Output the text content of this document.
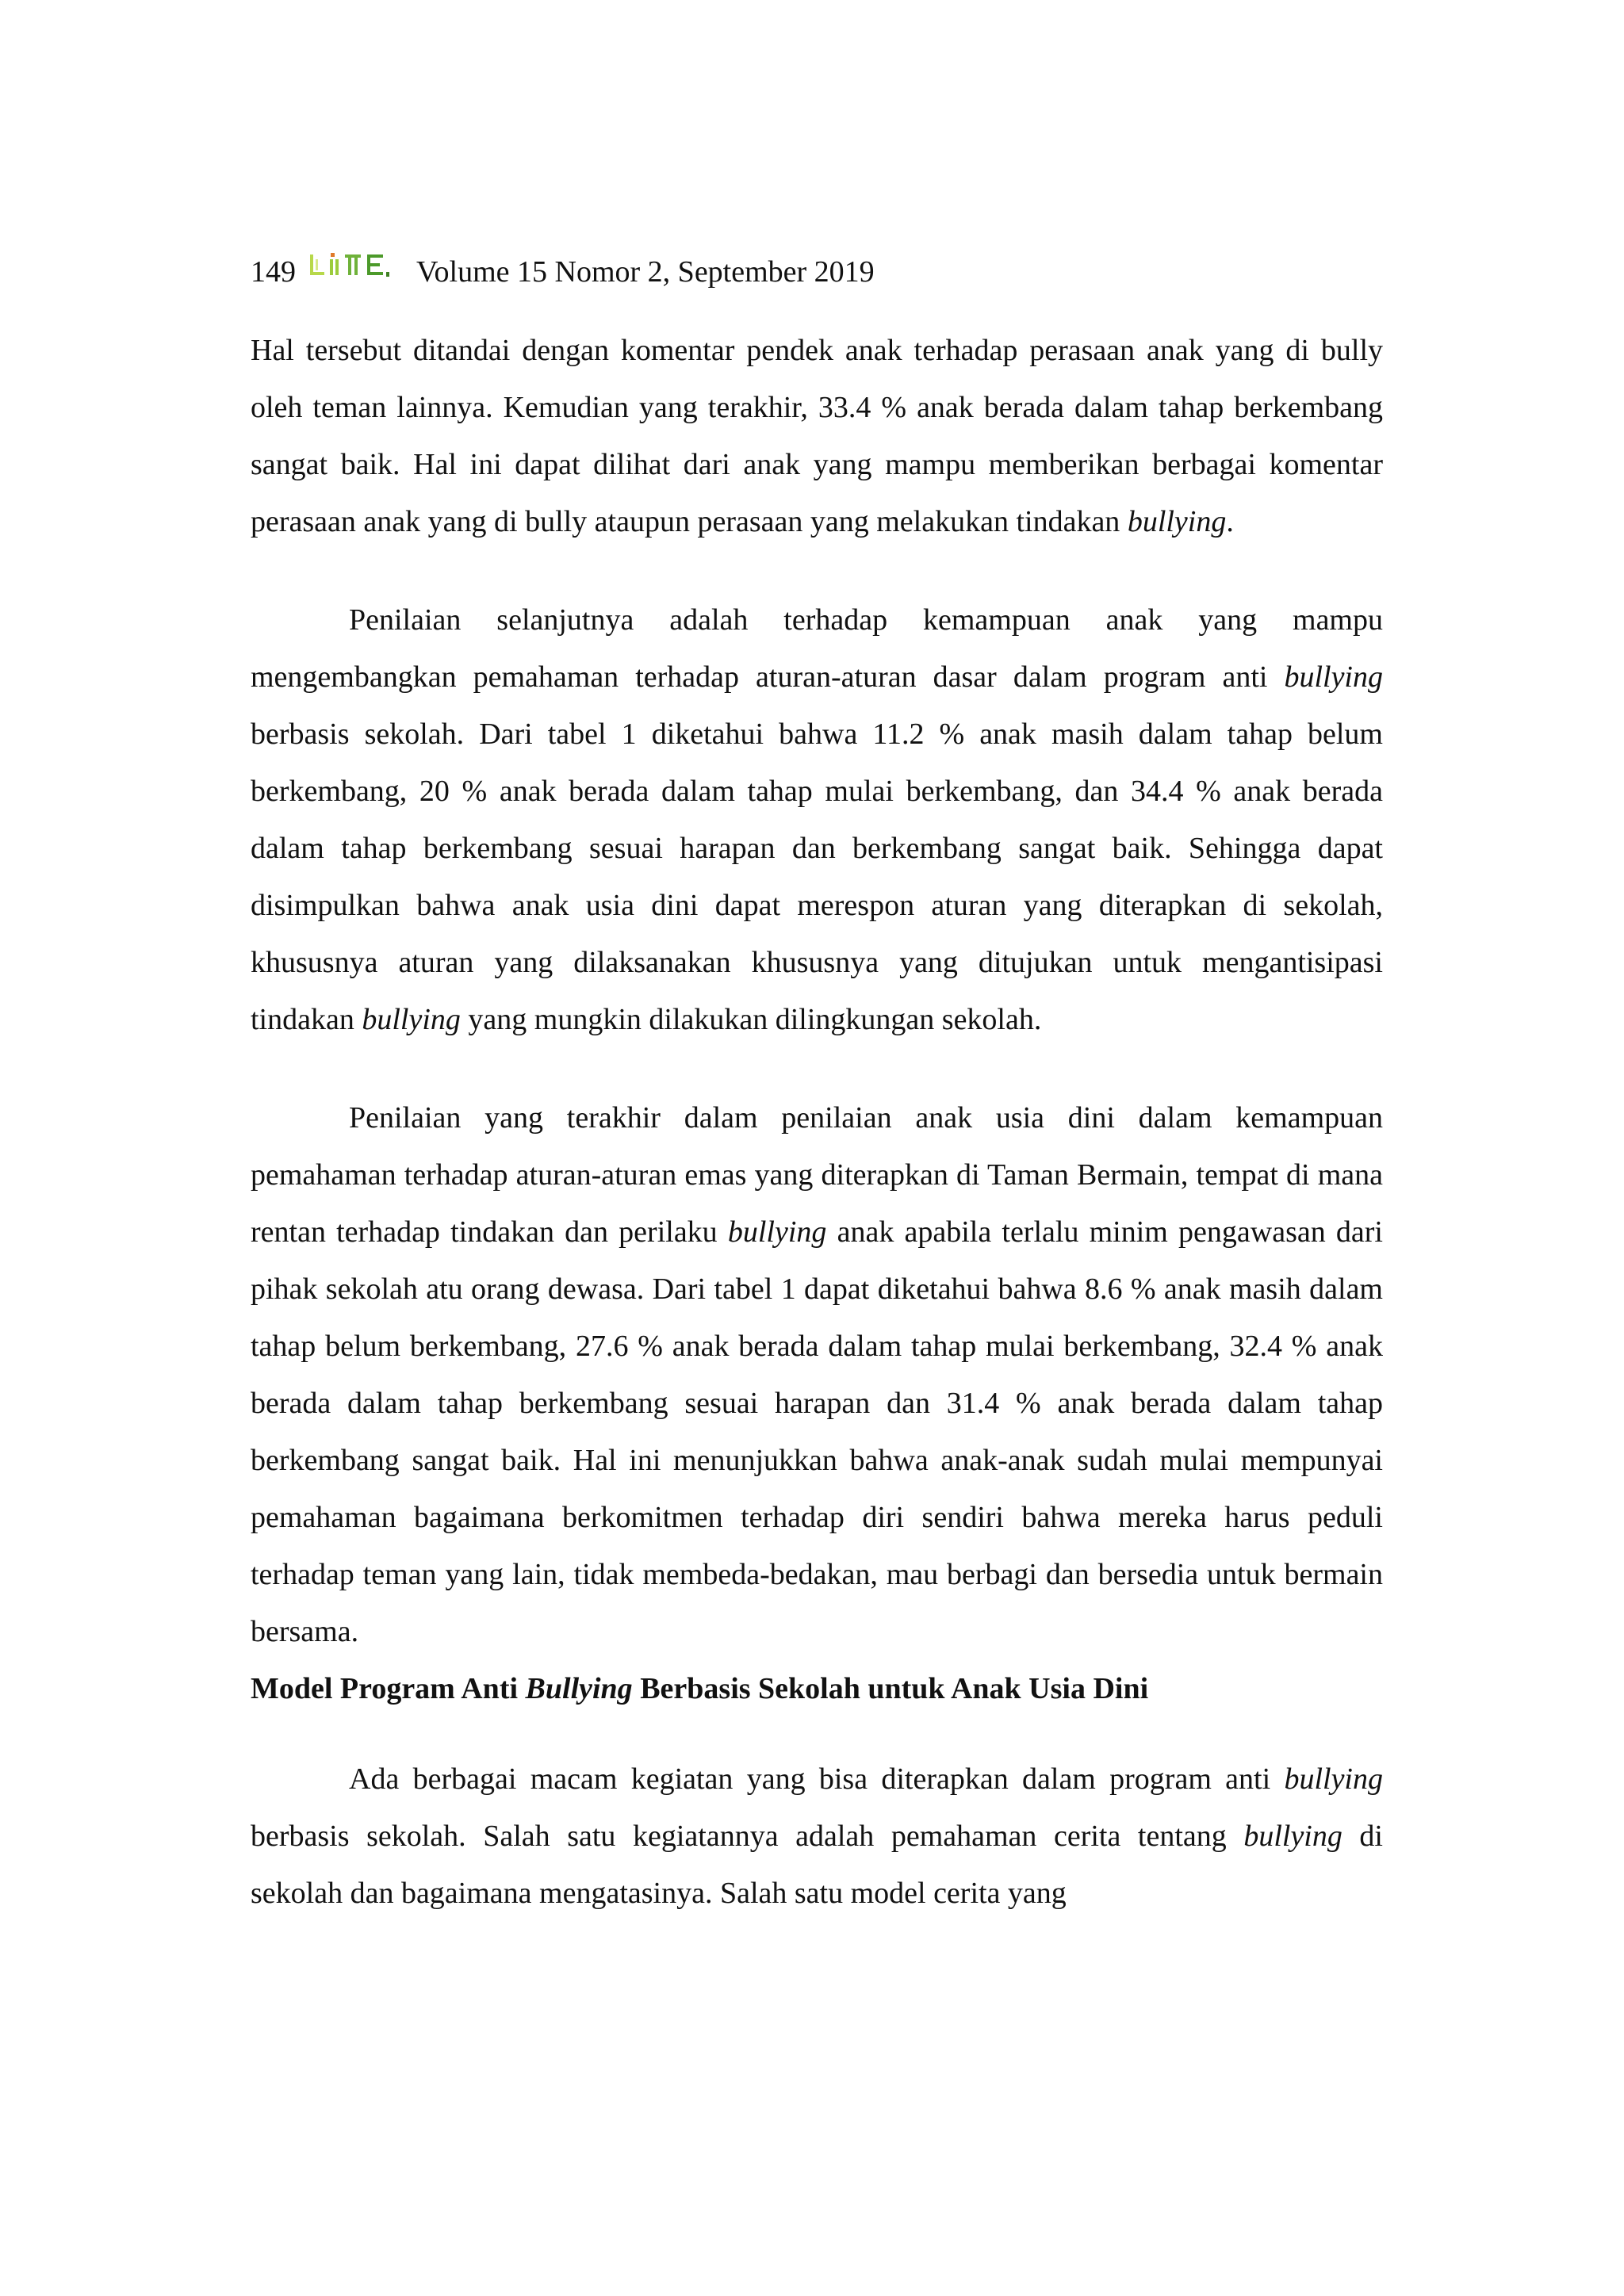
149	Volume 15 Nomor 2, September 2019

Hal tersebut ditandai dengan komentar pendek anak terhadap perasaan anak yang di bully oleh teman lainnya. Kemudian yang terakhir, 33.4 % anak berada dalam tahap berkembang sangat baik. Hal ini dapat dilihat dari anak yang mampu memberikan berbagai komentar perasaan anak yang di bully ataupun perasaan yang melakukan tindakan bullying.

Penilaian selanjutnya adalah terhadap kemampuan anak yang mampu mengembangkan pemahaman terhadap aturan-aturan dasar dalam program anti bullying berbasis sekolah. Dari tabel 1 diketahui bahwa 11.2 % anak masih dalam tahap belum berkembang, 20 % anak berada dalam tahap mulai berkembang, dan 34.4 % anak berada dalam tahap berkembang sesuai harapan dan berkembang sangat baik. Sehingga dapat disimpulkan bahwa anak usia dini dapat merespon aturan yang diterapkan di sekolah, khususnya aturan yang dilaksanakan khususnya yang ditujukan untuk mengantisipasi tindakan bullying yang mungkin dilakukan dilingkungan sekolah.

Penilaian yang terakhir dalam penilaian anak usia dini dalam kemampuan pemahaman terhadap aturan-aturan emas yang diterapkan di Taman Bermain, tempat di mana rentan terhadap tindakan dan perilaku bullying anak apabila terlalu minim pengawasan dari pihak sekolah atu orang dewasa. Dari tabel 1 dapat diketahui bahwa 8.6 % anak masih dalam tahap belum berkembang, 27.6 % anak berada dalam tahap mulai berkembang, 32.4 % anak berada dalam tahap berkembang sesuai harapan dan 31.4 % anak berada dalam tahap berkembang sangat baik. Hal ini menunjukkan bahwa anak-anak sudah mulai mempunyai pemahaman bagaimana berkomitmen terhadap diri sendiri bahwa mereka harus peduli terhadap teman yang lain, tidak membeda-bedakan, mau berbagi dan bersedia untuk bermain bersama.

Model Program Anti Bullying Berbasis Sekolah untuk Anak Usia Dini

Ada berbagai macam kegiatan yang bisa diterapkan dalam program anti bullying berbasis sekolah. Salah satu kegiatannya adalah pemahaman cerita tentang bullying di sekolah dan bagaimana mengatasinya. Salah satu model cerita yang
